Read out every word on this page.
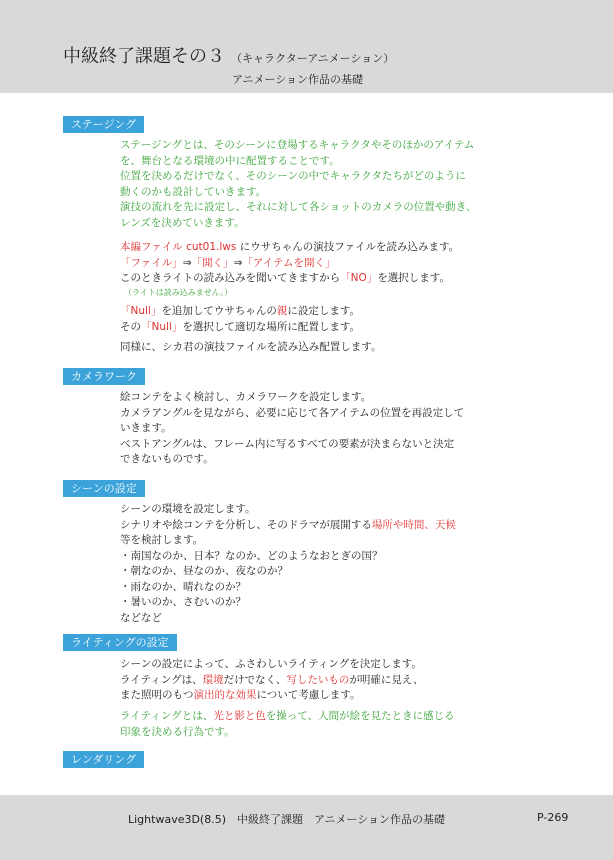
中級終了課題その３ （キャラクターアニメーション）
アニメーション作品の基礎
ステージング
ステージングとは、そのシーンに登場するキャラクタやそのほかのアイテム
を、舞台となる環境の中に配置することです。
位置を決めるだけでなく、そのシーンの中でキャラクタたちがどのように
動くのかも設計していきます。
演技の流れを先に設定し、それに対して各ショットのカメラの位置や動き、
レンズを決めていきます。
本編ファイル cut01.lws にウサちゃんの演技ファイルを読み込みます。
「ファイル」⇒「開く」⇒「アイテムを開く」
このときライトの読み込みを聞いてきますから「NO」を選択します。
（ライトは読み込みません。）
「Null」を追加してウサちゃんの親に設定します。
その「Null」を選択して適切な場所に配置します。
同様に、シカ君の演技ファイルを読み込み配置します。
カメラワーク
絵コンテをよく検討し、カメラワークを設定します。
カメラアングルを見ながら、必要に応じて各アイテムの位置を再設定して
いきます。
ベストアングルは、フレーム内に写るすべての要素が決まらないと決定
できないものです。
シーンの設定
シーンの環境を設定します。
シナリオや絵コンテを分析し、そのドラマが展開する場所や時間、天候
等を検討します。
・南国なのか、日本？なのか、どのようなおとぎの国？
・朝なのか、昼なのか、夜なのか？
・雨なのか、晴れなのか？
・暑いのか、さむいのか？
などなど
ライティングの設定
シーンの設定によって、ふさわしいライティングを決定します。
ライティングは、環境だけでなく、写したいものが明確に見え、
また照明のもつ演出的な効果について考慮します。
ライティングとは、光と影と色を操って、人間が絵を見たときに感じる
印象を決める行為です。
レンダリング
Lightwave3D(8.5)　中級終了課題　アニメーション作品の基礎	P-269
